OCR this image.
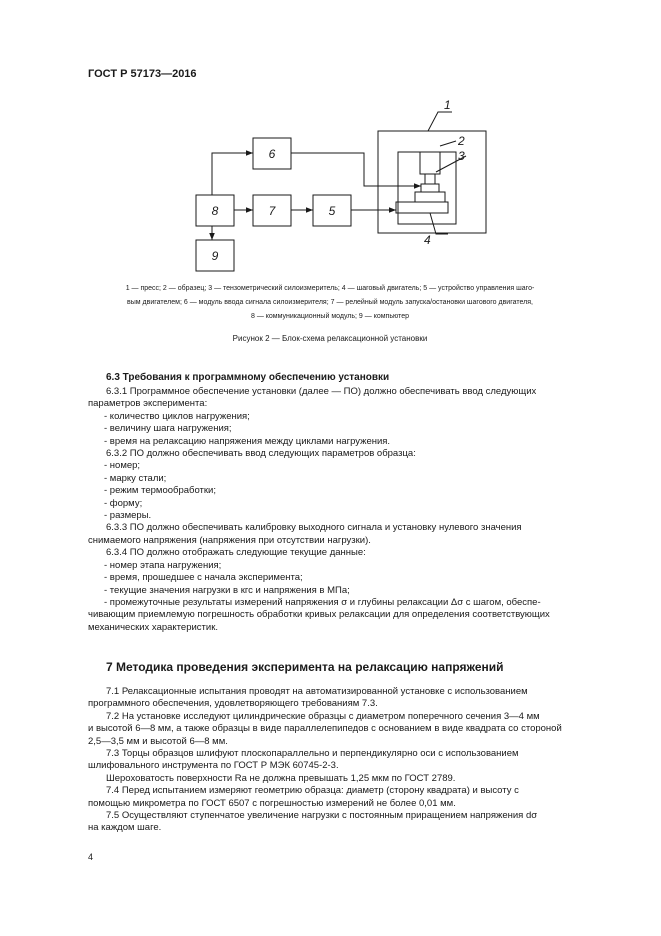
ГОСТ Р 57173—2016
6
8	7	5
9
1
2
3
4
1 — пресс; 2 — образец; 3 — тензометрический силоизмеритель; 4 — шаговый двигатель; 5 — устройство управления шаго-
вым двигателем; 6 — модуль ввода сигнала силоизмерителя; 7 — релейный модуль запуска/остановки шагового двигателя,
8 — коммуникационный модуль; 9 — компьютер
Рисунок 2 — Блок-схема релаксационной установки
6.3 Требования к программному обеспечению установки

6.3.1 Программное обеспечение установки (далее — ПО) должно обеспечивать ввод следующих

параметров эксперимента:

- количество циклов нагружения;

- величину шага нагружения;

- время на релаксацию напряжения между циклами нагружения.

6.3.2 ПО должно обеспечивать ввод следующих параметров образца:

- номер;

- марку стали;

- режим термообработки;

- форму;

- размеры.

6.3.3 ПО должно обеспечивать калибровку выходного сигнала и установку нулевого значения

снимаемого напряжения (напряжения при отсутствии нагрузки).

6.3.4 ПО должно отображать следующие текущие данные:

- номер этапа нагружения;

- время, прошедшее с начала эксперимента;

- текущие значения нагрузки в кгс и напряжения в МПа;

- промежуточные результаты измерений напряжения σ и глубины релаксации Δσ с шагом, обеспе-

чивающим приемлемую погрешность обработки кривых релаксации для определения соответствующих

механических характеристик.

7 Методика проведения эксперимента на релаксацию напряжений

7.1 Релаксационные испытания проводят на автоматизированной установке с использованием

программного обеспечения, удовлетворяющего требованиям 7.3.

7.2 На установке исследуют цилиндрические образцы с диаметром поперечного сечения 3—4 мм

и высотой 6—8 мм, а также образцы в виде параллелепипедов с основанием в виде квадрата со стороной

2,5—3,5 мм и высотой 6—8 мм.

7.3 Торцы образцов шлифуют плоскопараллельно и перпендикулярно оси с использованием

шлифовального инструмента по ГОСТ Р МЭК 60745-2-3.

Шероховатость поверхности Ra не должна превышать 1,25 мкм по ГОСТ 2789.

7.4 Перед испытанием измеряют геометрию образца: диаметр (сторону квадрата) и высоту с

помощью микрометра по ГОСТ 6507 с погрешностью измерений не более 0,01 мм.

7.5 Осуществляют ступенчатое увеличение нагрузки с постоянным приращением напряжения dσ

на каждом шаге.

4
